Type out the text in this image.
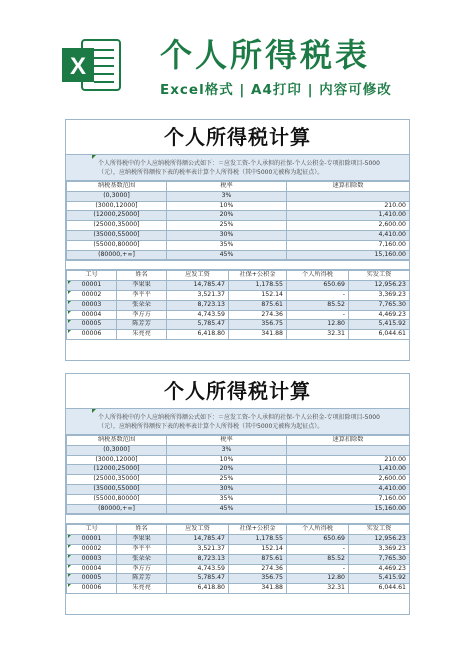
X 个人所得税表
Excel格式 | A4打印 | 内容可修改
个人所得税计算
个人所得税中的个人应纳税所得额公式如下：＝应发工资-个人承担的社保-个人公积金-专项扣除项目-5000
（元），应纳税所得额按下表的税率表计算个人所得税（其中5000元被称为起征点）。
纳税基数范围	税率	速算扣除数
(0,3000]	3%	
(3000,12000]	10%	210.00
(12000,25000]	20%	1,410.00
(25000,35000]	25%	2,600.00
(35000,55000]	30%	4,410.00
(55000,80000]	35%	7,160.00
(80000,+∞]	45%	15,160.00
工号	姓名	应发工资	社保+公积金	个人所得税	实发工资

00001	李果果	14,785.47	1,178.55	650.69	12,956.23

00002	李平平	3,521.37	152.14	-	3,369.23

00003	张朵朵	8,723.13	875.61	85.52	7,765.30

00004	李方方	4,743.59	274.36	-	4,469.23

00005	陈芳芳	5,785.47	356.75	12.80	5,415.92

00006	朱亮亮	6,418.80	341.88	32.31	6,044.61
个人所得税计算
个人所得税中的个人应纳税所得额公式如下：＝应发工资-个人承担的社保-个人公积金-专项扣除项目-5000
（元），应纳税所得额按下表的税率表计算个人所得税（其中5000元被称为起征点）。
纳税基数范围	税率	速算扣除数
(0,3000]	3%	
(3000,12000]	10%	210.00
(12000,25000]	20%	1,410.00
(25000,35000]	25%	2,600.00
(35000,55000]	30%	4,410.00
(55000,80000]	35%	7,160.00
(80000,+∞]	45%	15,160.00
工号	姓名	应发工资	社保+公积金	个人所得税	实发工资

00001	李果果	14,785.47	1,178.55	650.69	12,956.23

00002	李平平	3,521.37	152.14	-	3,369.23

00003	张朵朵	8,723.13	875.61	85.52	7,765.30

00004	李方方	4,743.59	274.36	-	4,469.23

00005	陈芳芳	5,785.47	356.75	12.80	5,415.92

00006	朱亮亮	6,418.80	341.88	32.31	6,044.61
